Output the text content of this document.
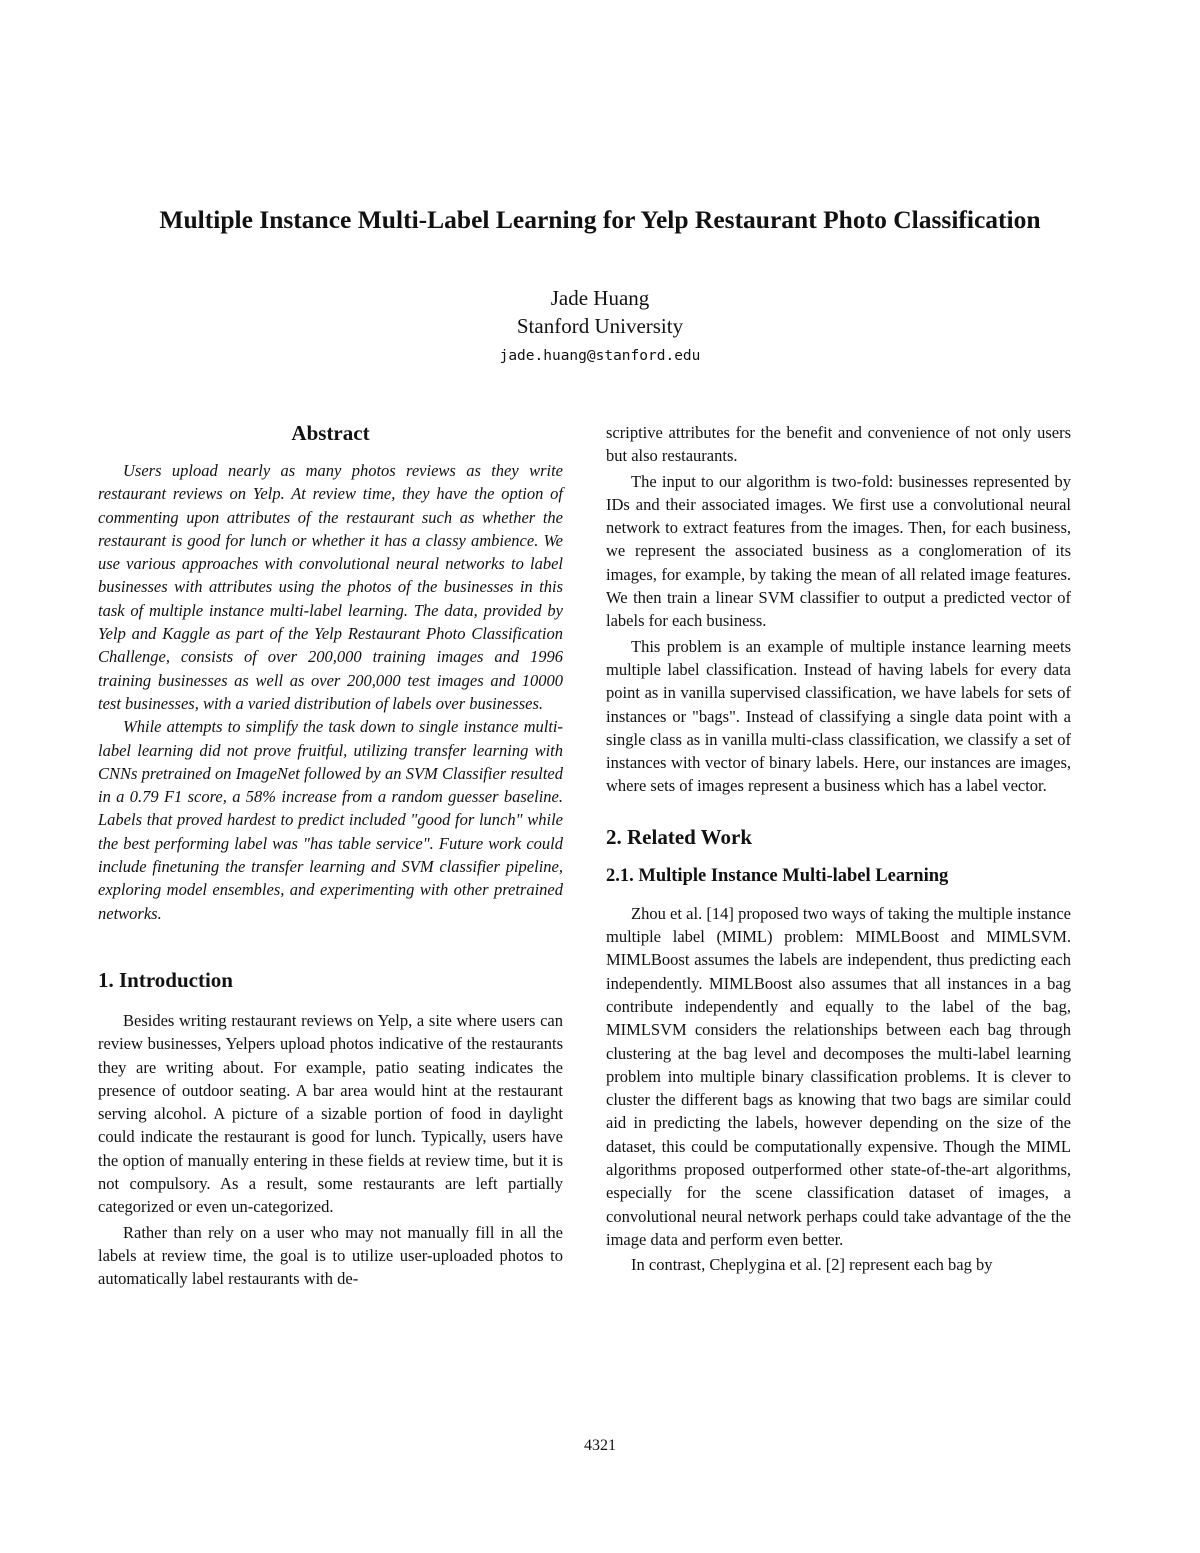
Multiple Instance Multi-Label Learning for Yelp Restaurant Photo Classification
Jade Huang
Stanford University
jade.huang@stanford.edu
Abstract

Users upload nearly as many photos reviews as they write restaurant reviews on Yelp. At review time, they have the option of commenting upon attributes of the restaurant such as whether the restaurant is good for lunch or whether it has a classy ambience. We use various approaches with convolutional neural networks to label businesses with attributes using the photos of the businesses in this task of multiple instance multi-label learning. The data, provided by Yelp and Kaggle as part of the Yelp Restaurant Photo Classification Challenge, consists of over 200,000 training images and 1996 training businesses as well as over 200,000 test images and 10000 test businesses, with a varied distribution of labels over businesses.

While attempts to simplify the task down to single instance multi-label learning did not prove fruitful, utilizing transfer learning with CNNs pretrained on ImageNet followed by an SVM Classifier resulted in a 0.79 F1 score, a 58% increase from a random guesser baseline. Labels that proved hardest to predict included "good for lunch" while the best performing label was "has table service". Future work could include finetuning the transfer learning and SVM classifier pipeline, exploring model ensembles, and experimenting with other pretrained networks.

1. Introduction

Besides writing restaurant reviews on Yelp, a site where users can review businesses, Yelpers upload photos indicative of the restaurants they are writing about. For example, patio seating indicates the presence of outdoor seating. A bar area would hint at the restaurant serving alcohol. A picture of a sizable portion of food in daylight could indicate the restaurant is good for lunch. Typically, users have the option of manually entering in these fields at review time, but it is not compulsory. As a result, some restaurants are left partially categorized or even un-categorized.

Rather than rely on a user who may not manually fill in all the labels at review time, the goal is to utilize user-uploaded photos to automatically label restaurants with de-

scriptive attributes for the benefit and convenience of not only users but also restaurants.

The input to our algorithm is two-fold: businesses represented by IDs and their associated images. We first use a convolutional neural network to extract features from the images. Then, for each business, we represent the associated business as a conglomeration of its images, for example, by taking the mean of all related image features. We then train a linear SVM classifier to output a predicted vector of labels for each business.

This problem is an example of multiple instance learning meets multiple label classification. Instead of having labels for every data point as in vanilla supervised classification, we have labels for sets of instances or "bags". Instead of classifying a single data point with a single class as in vanilla multi-class classification, we classify a set of instances with vector of binary labels. Here, our instances are images, where sets of images represent a business which has a label vector.

2. Related Work
2.1. Multiple Instance Multi-label Learning

Zhou et al. [14] proposed two ways of taking the multiple instance multiple label (MIML) problem: MIMLBoost and MIMLSVM. MIMLBoost assumes the labels are independent, thus predicting each independently. MIMLBoost also assumes that all instances in a bag contribute independently and equally to the label of the bag, MIMLSVM considers the relationships between each bag through clustering at the bag level and decomposes the multi-label learning problem into multiple binary classification problems. It is clever to cluster the different bags as knowing that two bags are similar could aid in predicting the labels, however depending on the size of the dataset, this could be computationally expensive. Though the MIML algorithms proposed outperformed other state-of-the-art algorithms, especially for the scene classification dataset of images, a convolutional neural network perhaps could take advantage of the the image data and perform even better.

In contrast, Cheplygina et al. [2] represent each bag by

4321
